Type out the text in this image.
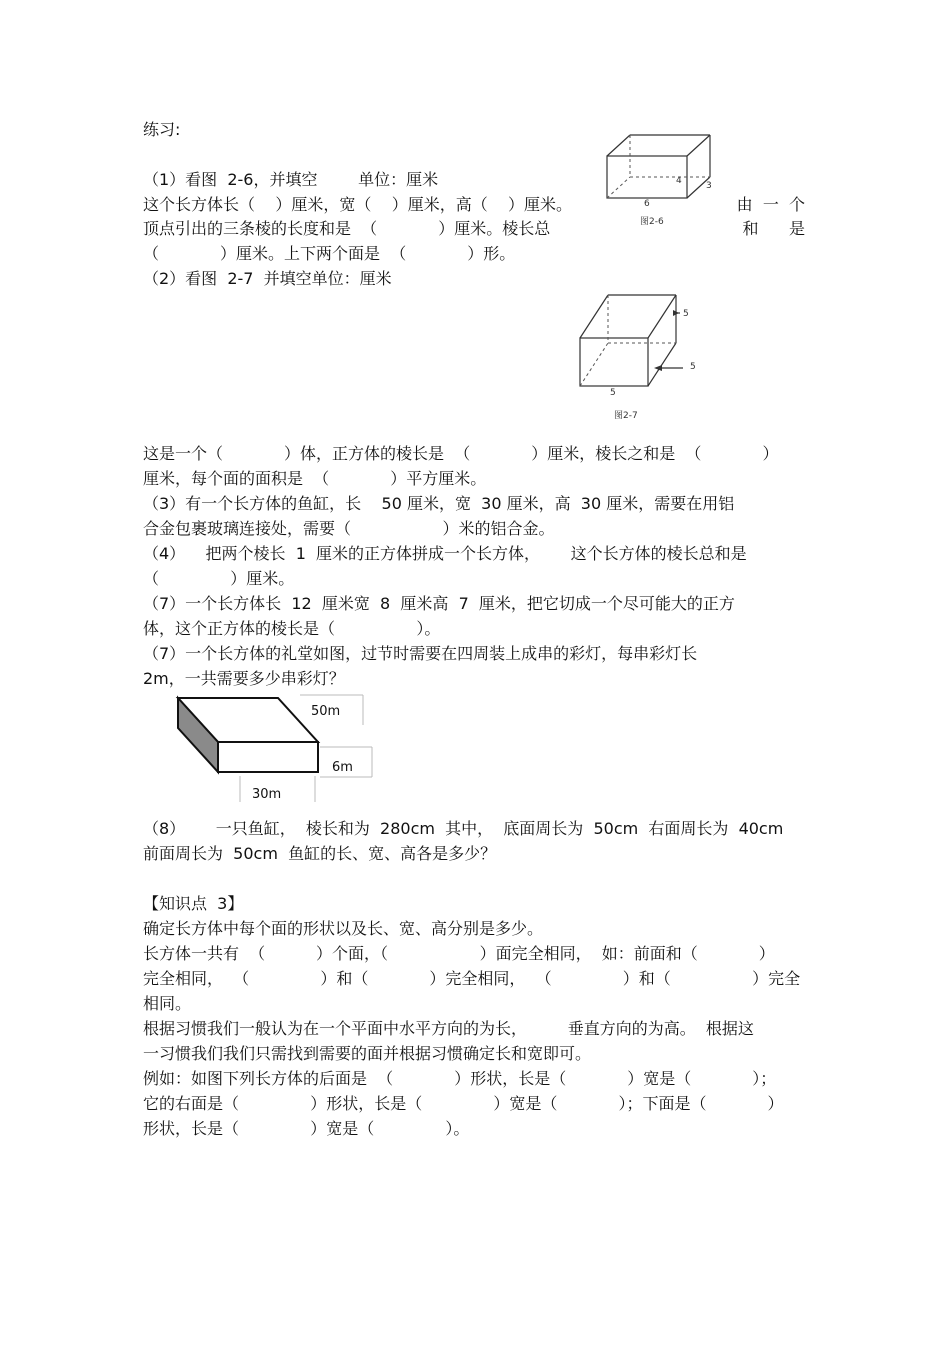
练习:
（1）看图  2-6，并填空        单位：厘米
这个长方体长（    ）厘米，宽（    ）厘米，高（    ）厘米。	由  一  个
顶点引出的三条棱的长度和是  （            ）厘米。棱长总	和      是
（            ）厘米。上下两个面是  （            ）形。
4	3
6
图2-6
（2）看图  2-7  并填空单位：厘米
5
5
5
图2-7
这是一个（            ）体，正方体的棱长是  （            ）厘米，棱长之和是  （            ）
厘米，每个面的面积是  （            ）平方厘米。
（3）有一个长方体的鱼缸，长    50 厘米，宽  30 厘米，高  30 厘米，需要在用铝
合金包裹玻璃连接处，需要（                  ）米的铝合金。
（4）    把两个棱长  1  厘米的正方体拼成一个长方体，      这个长方体的棱长总和是
（              ）厘米。
（7）一个长方体长  12  厘米宽  8  厘米高  7  厘米，把它切成一个尽可能大的正方
体，这个正方体的棱长是（                ）。
（7）一个长方体的礼堂如图，过节时需要在四周装上成串的彩灯，每串彩灯长
2m，一共需要多少串彩灯？
50m
6m
30m
（8）      一只鱼缸，  棱长和为  280cm  其中，  底面周长为  50cm  右面周长为  40cm
前面周长为  50cm  鱼缸的长、宽、高各是多少？
【知识点  3】
确定长方体中每个面的形状以及长、宽、高分别是多少。
长方体一共有  （          ）个面，（                  ）面完全相同，  如：前面和（            ）
完全相同，  （              ）和（            ）完全相同，  （              ）和（                ）完全
相同。
根据习惯我们一般认为在一个平面中水平方向的为长，        垂直方向的为高。  根据这
一习惯我们我们只需找到需要的面并根据习惯确定长和宽即可。
例如：如图下列长方体的后面是  （            ）形状，长是（            ）宽是（            ）；
它的右面是（              ）形状，长是（              ）宽是（            ）；下面是（            ）
形状，长是（              ）宽是（              ）。
